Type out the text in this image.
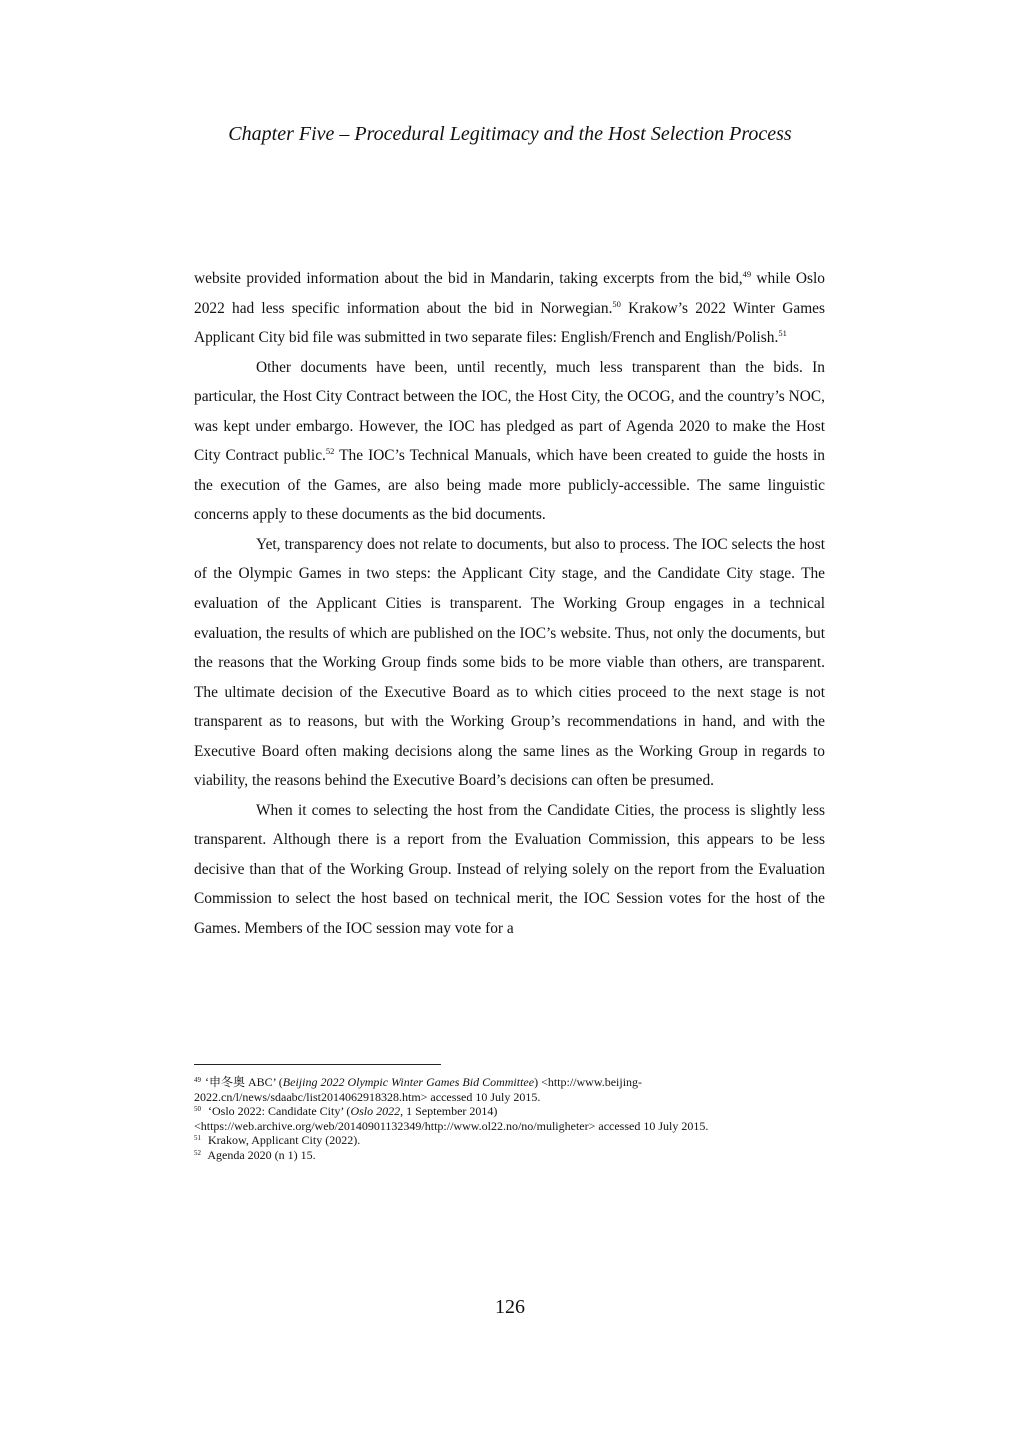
Chapter Five – Procedural Legitimacy and the Host Selection Process

website provided information about the bid in Mandarin, taking excerpts from the bid,$^{49}$ while Oslo 2022 had less specific information about the bid in Norwegian.$^{50}$ Krakow’s 2022 Winter Games Applicant City bid file was submitted in two separate files: English/French and English/Polish.$^{51}$

Other documents have been, until recently, much less transparent than the bids. In particular, the Host City Contract between the IOC, the Host City, the OCOG, and the country’s NOC, was kept under embargo. However, the IOC has pledged as part of Agenda 2020 to make the Host City Contract public.$^{52}$ The IOC’s Technical Manuals, which have been created to guide the hosts in the execution of the Games, are also being made more publicly-accessible. The same linguistic concerns apply to these documents as the bid documents.

Yet, transparency does not relate to documents, but also to process. The IOC selects the host of the Olympic Games in two steps: the Applicant City stage, and the Candidate City stage. The evaluation of the Applicant Cities is transparent. The Working Group engages in a technical evaluation, the results of which are published on the IOC’s website. Thus, not only the documents, but the reasons that the Working Group finds some bids to be more viable than others, are transparent. The ultimate decision of the Executive Board as to which cities proceed to the next stage is not transparent as to reasons, but with the Working Group’s recommendations in hand, and with the Executive Board often making decisions along the same lines as the Working Group in regards to viability, the reasons behind the Executive Board’s decisions can often be presumed.

When it comes to selecting the host from the Candidate Cities, the process is slightly less transparent. Although there is a report from the Evaluation Commission, this appears to be less decisive than that of the Working Group. Instead of relying solely on the report from the Evaluation Commission to select the host based on technical merit, the IOC Session votes for the host of the Games. Members of the IOC session may vote for a

$^{49}$ ‘申冬奥 ABC’ (Beijing 2022 Olympic Winter Games Bid Committee) <http://www.beijing-2022.cn/l/news/sdaabc/list2014062918328.htm> accessed 10 July 2015.

$^{50}$ ‘Oslo 2022: Candidate City’ (Oslo 2022, 1 September 2014) <https://web.archive.org/web/20140901132349/http://www.ol22.no/no/muligheter> accessed 10 July 2015.

$^{51}$ Krakow, Applicant City (2022).

$^{52}$ Agenda 2020 (n 1) 15.

126
